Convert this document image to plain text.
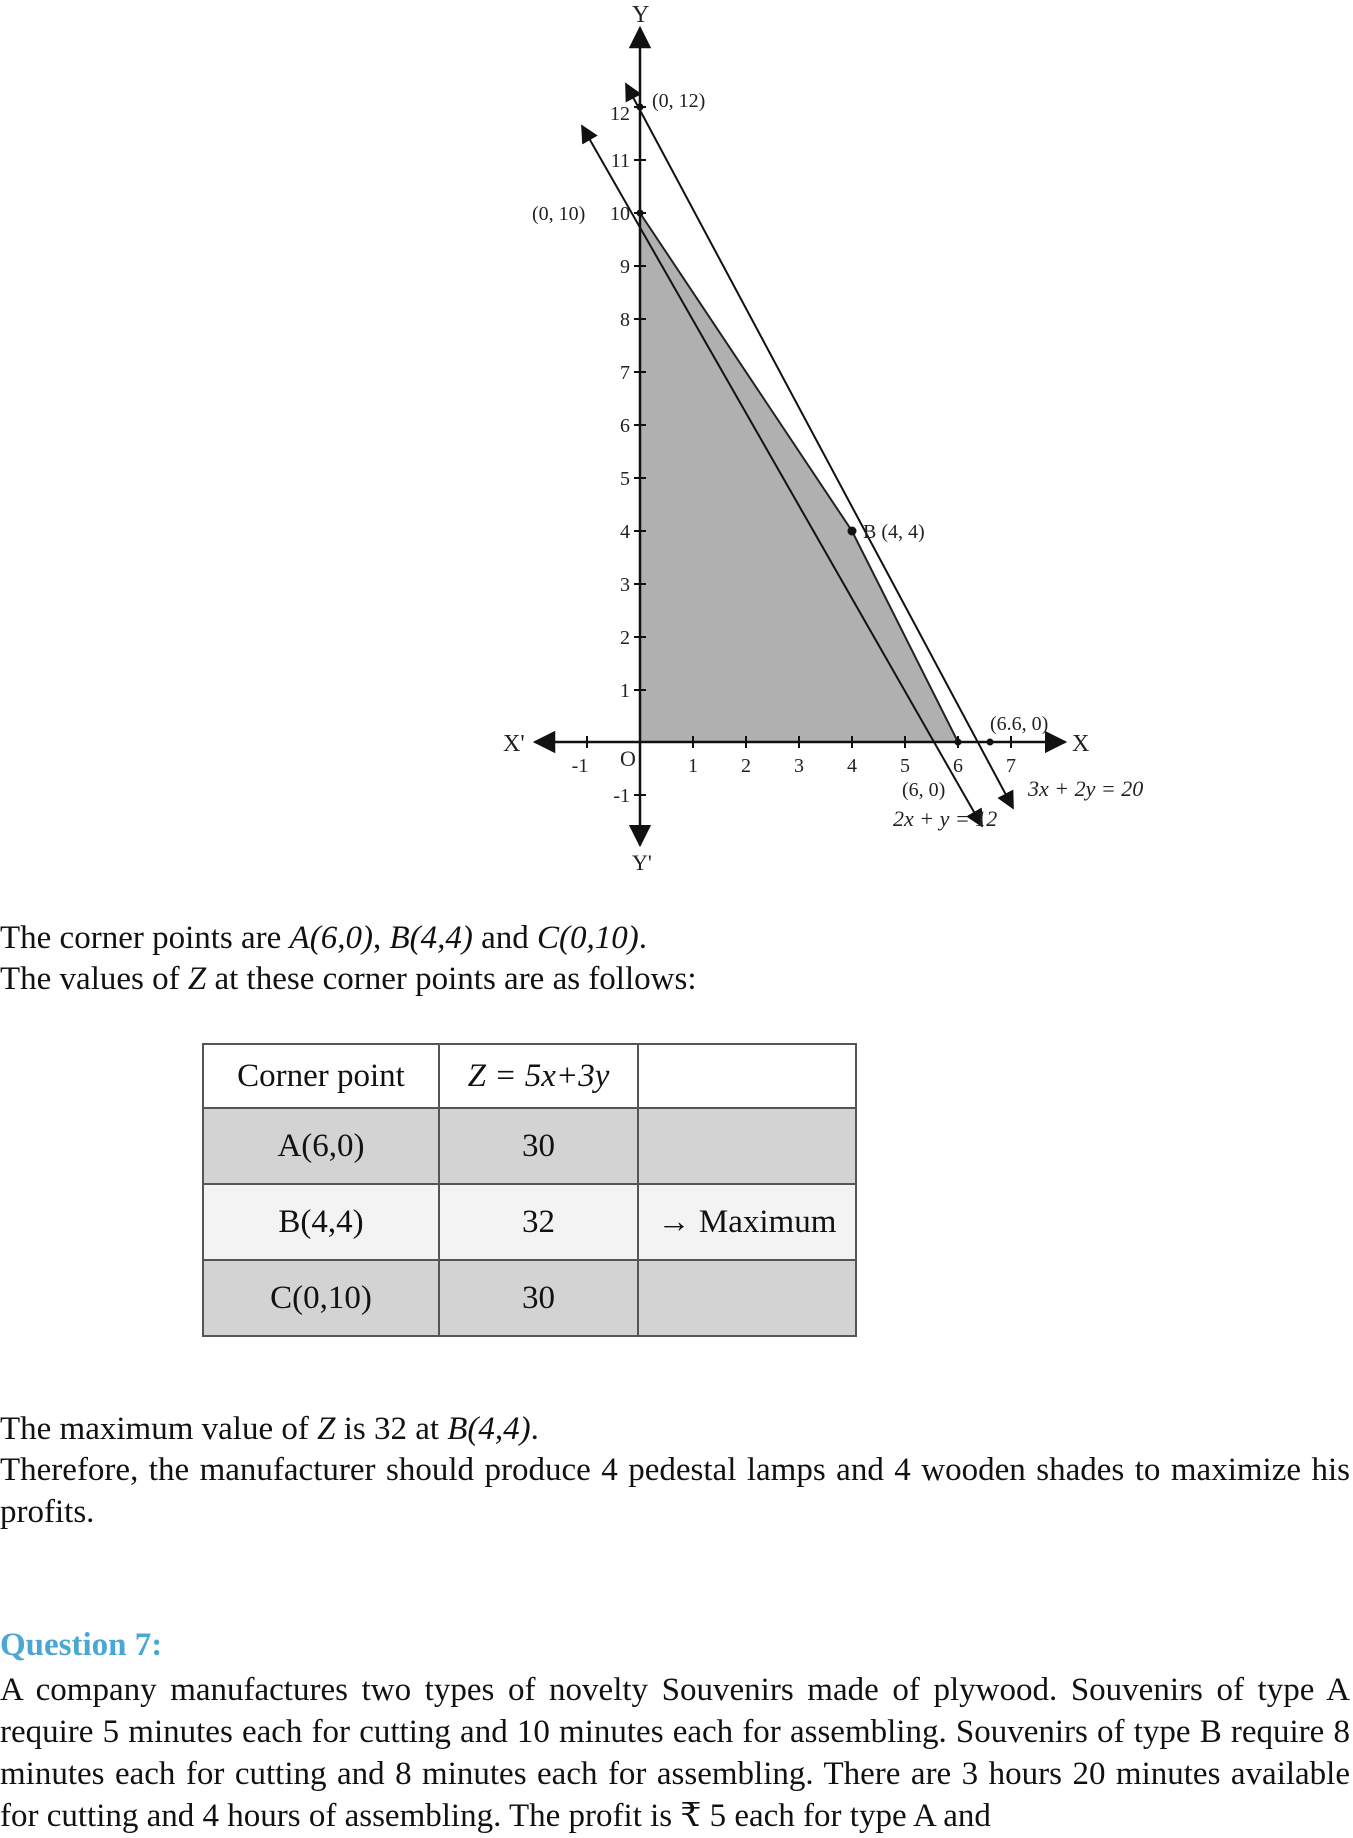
Y
Y'
X
X'
O
-1	1 2 3 4 5 6 7
12
11
10
9
8
7
6
5
4
3
2
1
-1
(0, 12)
(0, 10)
B (4, 4)
(6.6, 0)
(6, 0)
2x + y = 12
3x + 2y = 20

The corner points are A(6,0), B(4,4) and C(0,10).

The values of Z at these corner points are as follows:

Corner point	Z = 5x+3y	
A(6,0)	30	
B(4,4)	32	→ Maximum
C(0,10)	30	

The maximum value of Z is 32 at B(4,4).

Therefore, the manufacturer should produce 4 pedestal lamps and 4 wooden shades to maximize his profits.

Question 7:

A company manufactures two types of novelty Souvenirs made of plywood. Souvenirs of type A require 5 minutes each for cutting and 10 minutes each for assembling. Souvenirs of type B require 8 minutes each for cutting and 8 minutes each for assembling. There are 3 hours 20 minutes available for cutting and 4 hours of assembling. The profit is ₹ 5 each for type A and
